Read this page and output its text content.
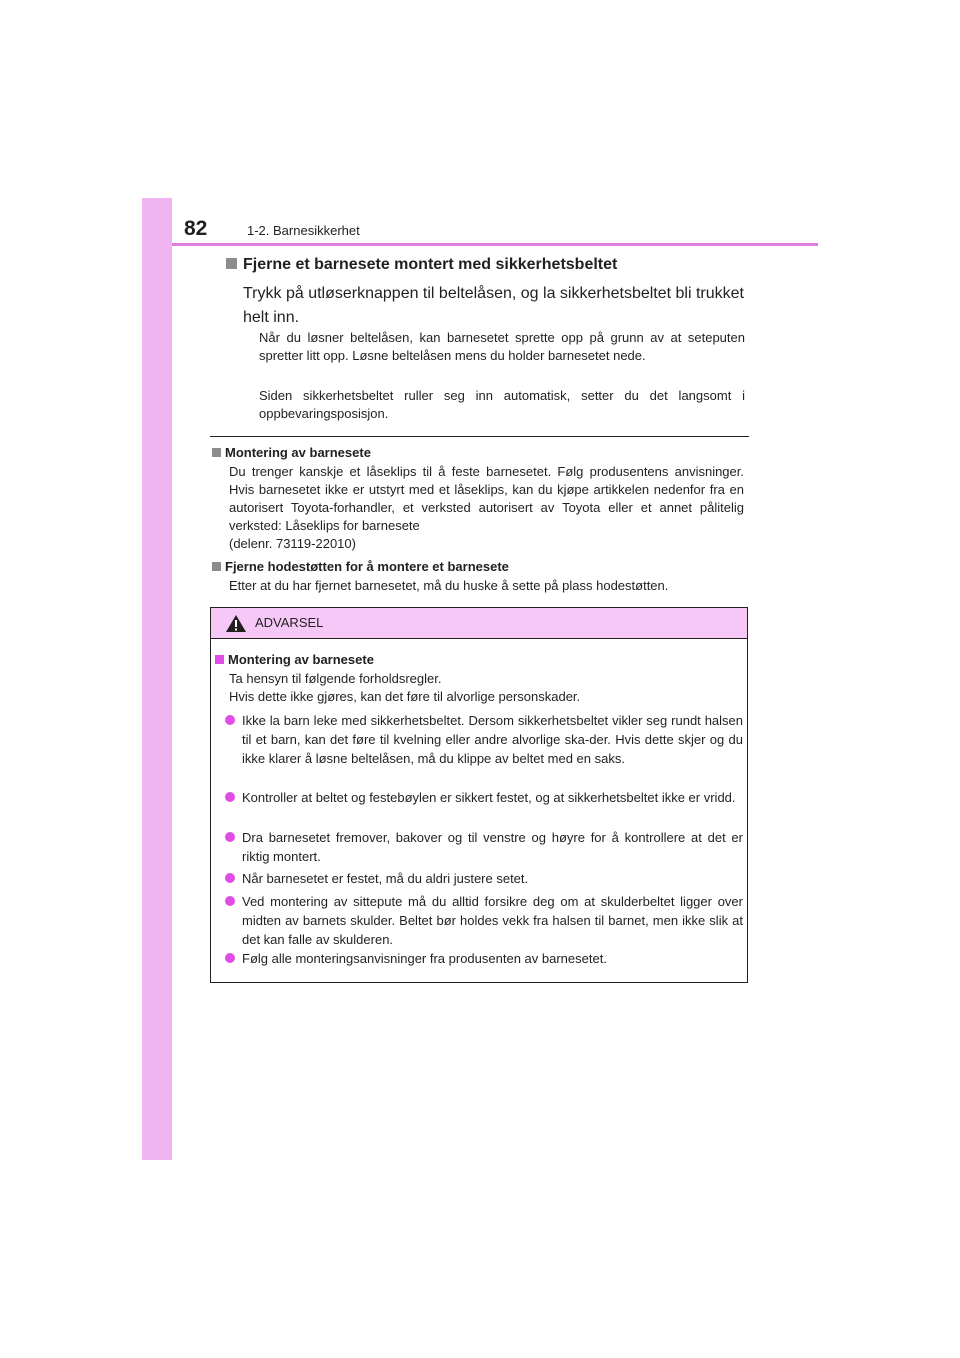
82	1-2. Barnesikkerhet
Fjerne et barnesete montert med sikkerhetsbeltet
Trykk på utløserknappen til beltelåsen, og la sikkerhetsbeltet bli trukket helt inn.
Når du løsner beltelåsen, kan barnesetet sprette opp på grunn av at seteputen spretter litt opp. Løsne beltelåsen mens du holder barnesetet nede.
Siden sikkerhetsbeltet ruller seg inn automatisk, setter du det langsomt i oppbevaringsposisjon.
Montering av barnesete
Du trenger kanskje et låseklips til å feste barnesetet. Følg produsentens anvisninger. Hvis barnesetet ikke er utstyrt med et låseklips, kan du kjøpe artikkelen nedenfor fra en autorisert Toyota-forhandler, et verksted autorisert av Toyota eller et annet pålitelig verksted: Låseklips for barnesete
(delenr. 73119-22010)
Fjerne hodestøtten for å montere et barnesete
Etter at du har fjernet barnesetet, må du huske å sette på plass hodestøtten.
ADVARSEL
Montering av barnesete
Ta hensyn til følgende forholdsregler.
Hvis dette ikke gjøres, kan det føre til alvorlige personskader.
Ikke la barn leke med sikkerhetsbeltet. Dersom sikkerhetsbeltet vikler seg rundt halsen til et barn, kan det føre til kvelning eller andre alvorlige ska-der. Hvis dette skjer og du ikke klarer å løsne beltelåsen, må du klippe av beltet med en saks.
Kontroller at beltet og festebøylen er sikkert festet, og at sikkerhetsbeltet ikke er vridd.
Dra barnesetet fremover, bakover og til venstre og høyre for å kontrollere at det er riktig montert.
Når barnesetet er festet, må du aldri justere setet.
Ved montering av sittepute må du alltid forsikre deg om at skulderbeltet ligger over midten av barnets skulder. Beltet bør holdes vekk fra halsen til barnet, men ikke slik at det kan falle av skulderen.
Følg alle monteringsanvisninger fra produsenten av barnesetet.
